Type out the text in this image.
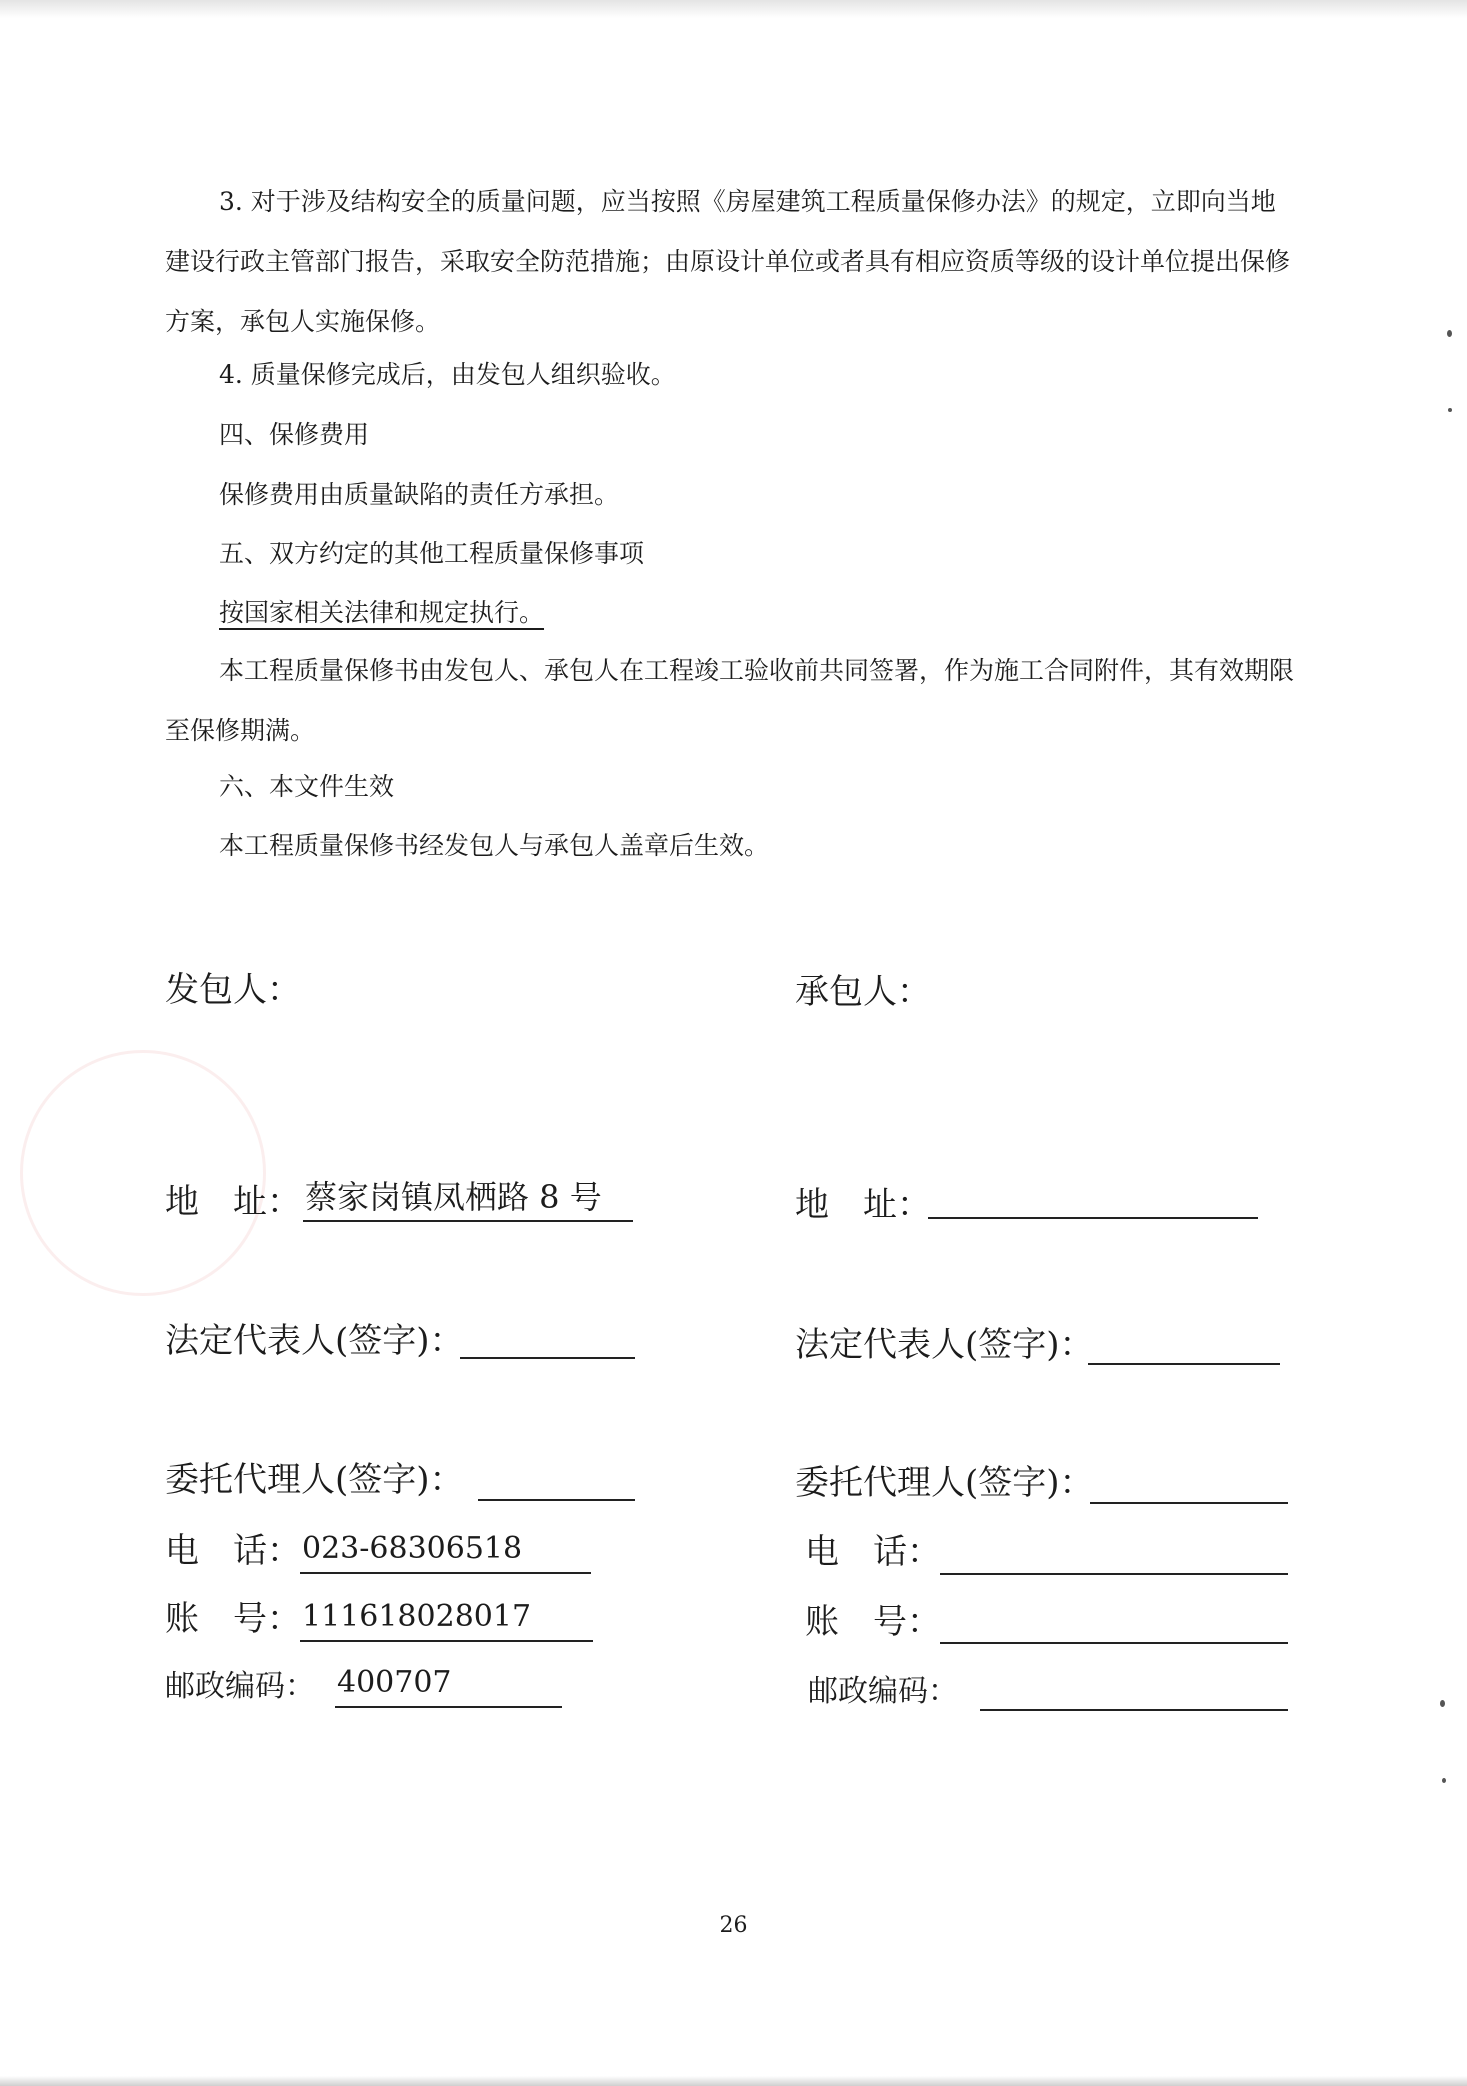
3. 对于涉及结构安全的质量问题，应当按照《房屋建筑工程质量保修办法》的规定，立即向当地建设行政主管部门报告，采取安全防范措施；由原设计单位或者具有相应资质等级的设计单位提出保修方案，承包人实施保修。
4. 质量保修完成后，由发包人组织验收。
四、保修费用
保修费用由质量缺陷的责任方承担。
五、双方约定的其他工程质量保修事项
按国家相关法律和规定执行。
本工程质量保修书由发包人、承包人在工程竣工验收前共同签署，作为施工合同附件，其有效期限至保修期满。
六、本文件生效
本工程质量保修书经发包人与承包人盖章后生效。
发包人：
地　址： 蔡家岗镇凤栖路 8 号
法定代表人(签字)：
委托代理人(签字)：
电　话： 023-68306518
账　号： 111618028017
邮政编码： 400707
承包人：
地　址：
法定代表人(签字)：
委托代理人(签字)：
电　话：
账　号：
邮政编码：
26
